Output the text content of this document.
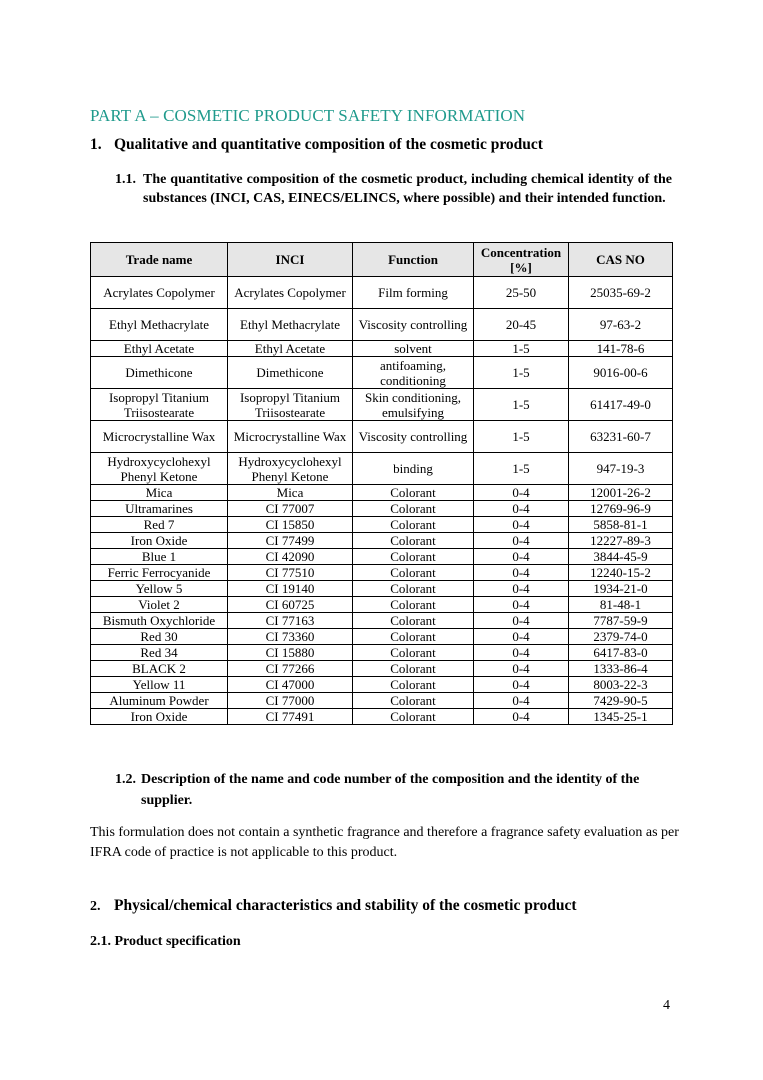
PART A – COSMETIC PRODUCT SAFETY INFORMATION
1. Qualitative and quantitative composition of the cosmetic product
1.1. The quantitative composition of the cosmetic product, including chemical identity of the substances (INCI, CAS, EINECS/ELINCS, where possible) and their intended function.
Trade name	INCI	Function	Concentration [%]	CAS NO
Acrylates Copolymer	Acrylates Copolymer	Film forming	25-50	25035-69-2
Ethyl Methacrylate	Ethyl Methacrylate	Viscosity controlling	20-45	97-63-2
Ethyl Acetate	Ethyl Acetate	solvent	1-5	141-78-6
Dimethicone	Dimethicone	antifoaming, conditioning	1-5	9016-00-6
Isopropyl Titanium Triisostearate	Isopropyl Titanium Triisostearate	Skin conditioning, emulsifying	1-5	61417-49-0
Microcrystalline Wax	Microcrystalline Wax	Viscosity controlling	1-5	63231-60-7
Hydroxycyclohexyl Phenyl Ketone	Hydroxycyclohexyl Phenyl Ketone	binding	1-5	947-19-3
Mica	Mica	Colorant	0-4	12001-26-2
Ultramarines	CI 77007	Colorant	0-4	12769-96-9
Red 7	CI 15850	Colorant	0-4	5858-81-1
Iron Oxide	CI 77499	Colorant	0-4	12227-89-3
Blue 1	CI 42090	Colorant	0-4	3844-45-9
Ferric Ferrocyanide	CI 77510	Colorant	0-4	12240-15-2
Yellow 5	CI 19140	Colorant	0-4	1934-21-0
Violet 2	CI 60725	Colorant	0-4	81-48-1
Bismuth Oxychloride	CI 77163	Colorant	0-4	7787-59-9
Red 30	CI 73360	Colorant	0-4	2379-74-0
Red 34	CI 15880	Colorant	0-4	6417-83-0
BLACK 2	CI 77266	Colorant	0-4	1333-86-4
Yellow 11	CI 47000	Colorant	0-4	8003-22-3
Aluminum Powder	CI 77000	Colorant	0-4	7429-90-5
Iron Oxide	CI 77491	Colorant	0-4	1345-25-1
1.2. Description of the name and code number of the composition and the identity of the supplier.
This formulation does not contain a synthetic fragrance and therefore a fragrance safety evaluation as per IFRA code of practice is not applicable to this product.
2. Physical/chemical characteristics and stability of the cosmetic product
2.1. Product specification
4
